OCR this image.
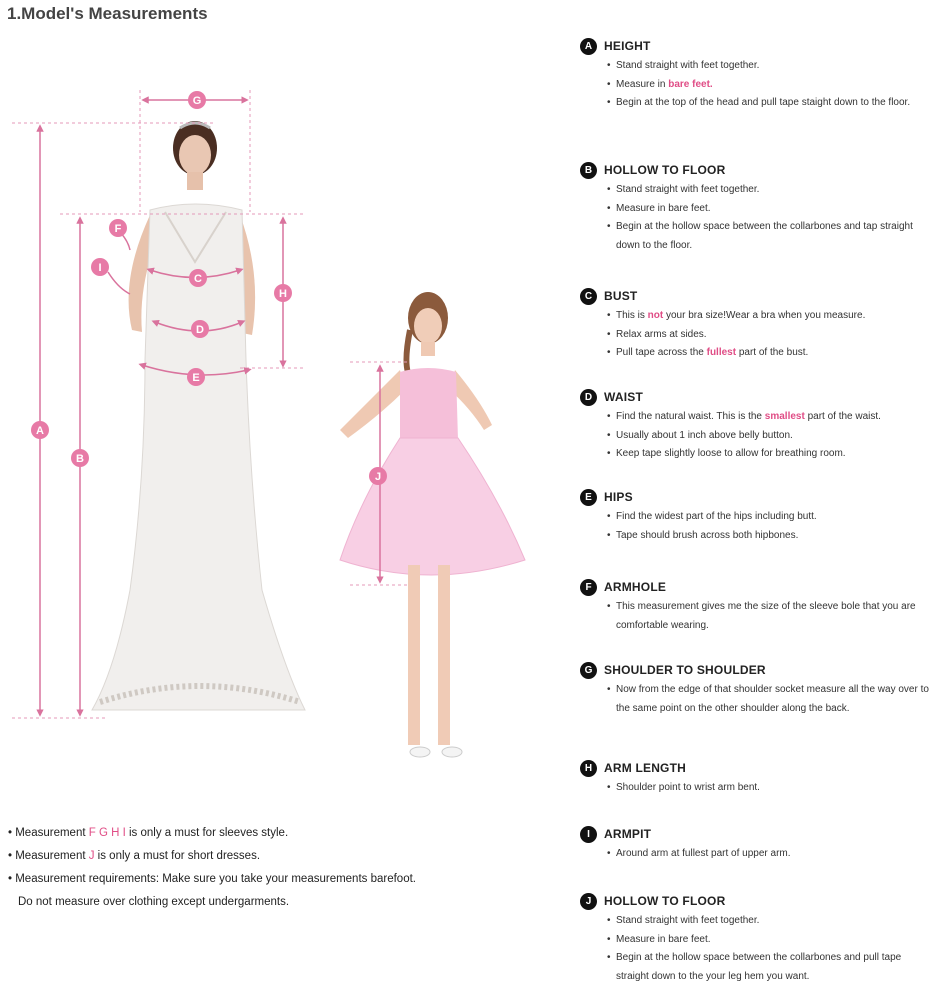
1.Model's Measurements
A
B
C
D
E
F
G
H
I
J
• Measurement F G H I is only a must for sleeves style.
• Measurement J is only a must for short dresses.
• Measurement requirements: Make sure you take your measurements barefoot.
Do not measure over clothing except undergarments.
A HEIGHT
• Stand straight with feet together.
• Measure in bare feet.
• Begin at the top of the head and pull tape staight down to the floor.
B HOLLOW TO FLOOR
• Stand straight with feet together.
• Measure in bare feet.
• Begin at the hollow space between the collarbones and tap straight down to the floor.
C BUST
• This is not your bra size!Wear a bra when you measure.
• Relax arms at sides.
• Pull tape across the fullest part of the bust.
D WAIST
• Find the natural waist. This is the smallest part of the waist.
• Usually about 1 inch above belly button.
• Keep tape slightly loose to allow for breathing room.
E	HIPS
• Find the widest part of the hips including butt.
• Tape should brush across both hipbones.
F	ARMHOLE
• This measurement gives me the size of the sleeve bole that you are comfortable wearing.
G SHOULDER TO SHOULDER
• Now from the edge of that shoulder socket measure all the way over to the same point on the other shoulder along the back.
H ARM LENGTH
• Shoulder point to wrist arm bent.
I	ARMPIT
• Around arm at fullest part of upper arm.
J	HOLLOW TO FLOOR
• Stand straight with feet together.
• Measure in bare feet.
• Begin at the hollow space between the collarbones and pull tape straight down to the your leg hem you want.
